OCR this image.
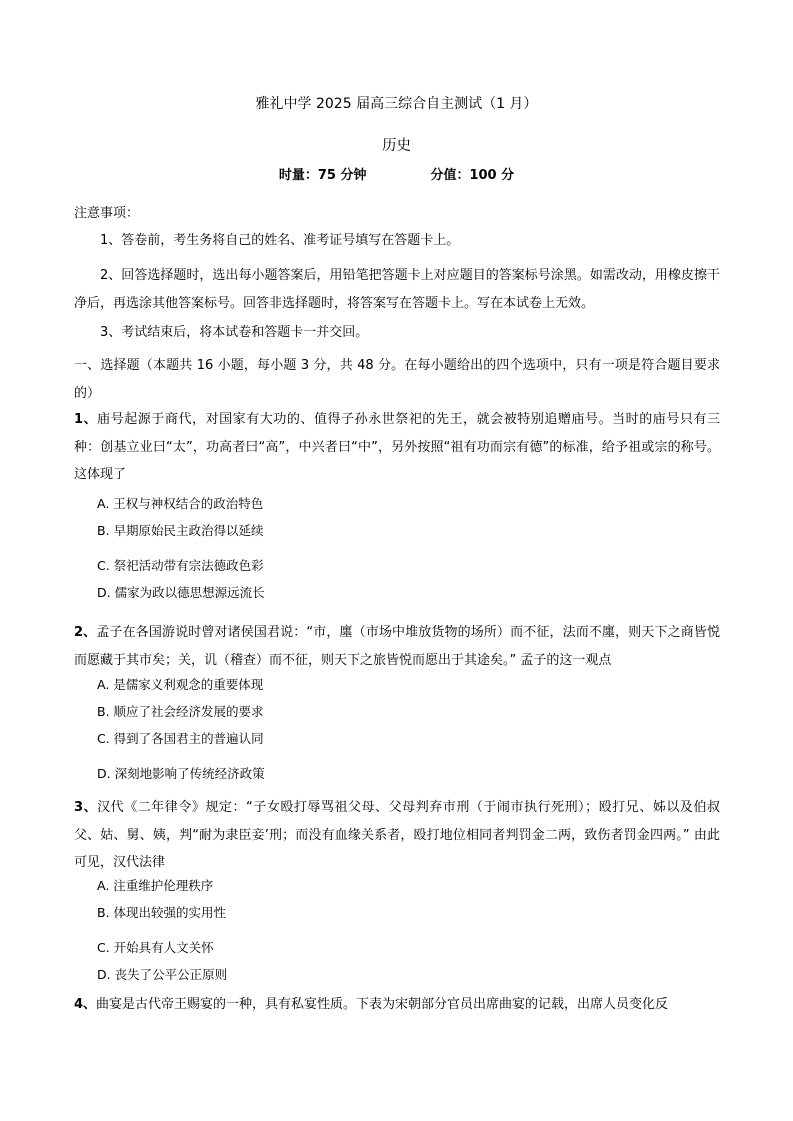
雅礼中学 2025 届高三综合自主测试（1 月）
历史
时量：75 分钟	分值：100 分
注意事项：
1、答卷前，考生务将自己的姓名、准考证号填写在答题卡上。
2、回答选择题时，选出每小题答案后，用铅笔把答题卡上对应题目的答案标号涂黑。如需改动，用橡皮擦干净后，再选涂其他答案标号。回答非选择题时，将答案写在答题卡上。写在本试卷上无效。
3、考试结束后，将本试卷和答题卡一并交回。
一、选择题（本题共 16 小题，每小题 3 分，共 48 分。在每小题给出的四个选项中，只有一项是符合题目要求的）
1、庙号起源于商代，对国家有大功的、值得子孙永世祭祀的先王，就会被特别追赠庙号。当时的庙号只有三种：创基立业曰“太”，功高者曰“高”，中兴者曰“中”，另外按照“祖有功而宗有德”的标准，给予祖或宗的称号。这体现了
A. 王权与神权结合的政治特色
B. 早期原始民主政治得以延续
C. 祭祀活动带有宗法德政色彩
D. 儒家为政以德思想源远流长
2、孟子在各国游说时曾对诸侯国君说：“市，廛（市场中堆放货物的场所）而不征，法而不廛，则天下之商皆悦而愿藏于其市矣；关，讥（稽查）而不征，则天下之旅皆悦而愿出于其途矣。” 孟子的这一观点
A. 是儒家义利观念的重要体现
B. 顺应了社会经济发展的要求
C. 得到了各国君主的普遍认同
D. 深刻地影响了传统经济政策
3、汉代《二年律令》规定：“子女殴打辱骂祖父母、父母判弃市刑（于闹市执行死刑）；殴打兄、姊以及伯叔父、姑、舅、姨，判“耐为隶臣妾’刑；而没有血缘关系者，殴打地位相同者判罚金二两，致伤者罚金四两。” 由此可见，汉代法律
A. 注重维护伦理秩序
B. 体现出较强的实用性
C. 开始具有人文关怀
D. 丧失了公平公正原则
4、曲宴是古代帝王赐宴的一种，具有私宴性质。下表为宋朝部分官员出席曲宴的记载，出席人员变化反
